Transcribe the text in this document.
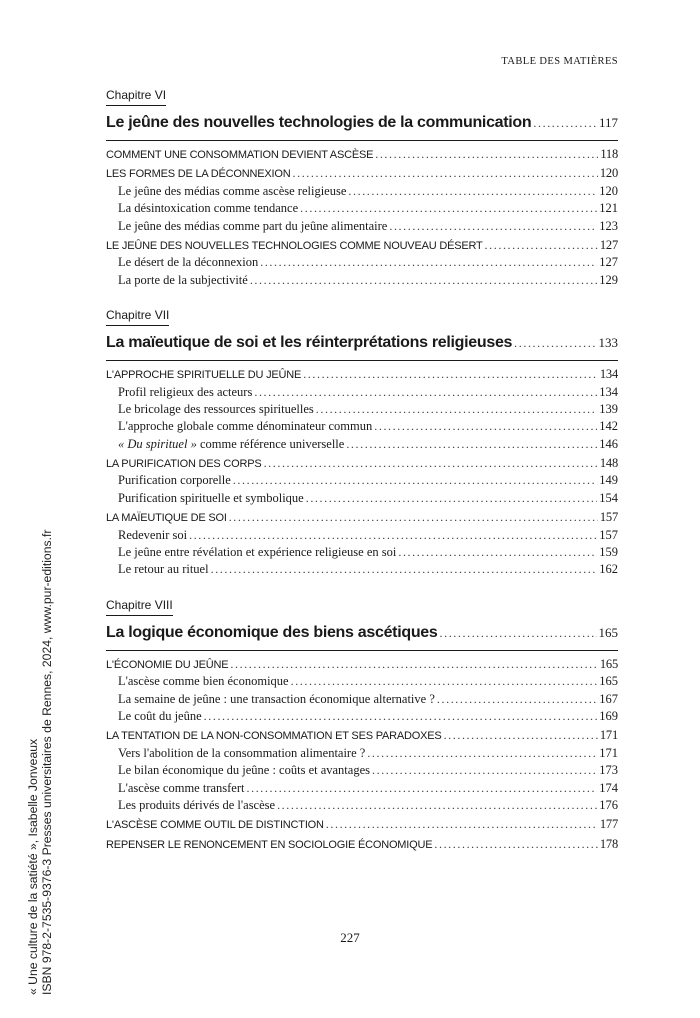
TABLE DES MATIÈRES
Chapitre VI
Le jeûne des nouvelles technologies de la communication .....	117
COMMENT UNE CONSOMMATION DEVIENT ASCÈSE .....	118
LES FORMES DE LA DÉCONNEXION .....	120
Le jeûne des médias comme ascèse religieuse .....	120
La désintoxication comme tendance .....	121
Le jeûne des médias comme part du jeûne alimentaire .....	123
LE JEÛNE DES NOUVELLES TECHNOLOGIES COMME NOUVEAU DÉSERT .....	127
Le désert de la déconnexion .....	127
La porte de la subjectivité .....	129
Chapitre VII
La maïeutique de soi et les réinterprétations religieuses .....	133
L'APPROCHE SPIRITUELLE DU JEÛNE .....	134
Profil religieux des acteurs .....	134
Le bricolage des ressources spirituelles .....	139
L'approche globale comme dénominateur commun .....	142
« Du spirituel » comme référence universelle .....	146
LA PURIFICATION DES CORPS .....	148
Purification corporelle .....	149
Purification spirituelle et symbolique .....	154
LA MAÏEUTIQUE DE SOI .....	157
Redevenir soi .....	157
Le jeûne entre révélation et expérience religieuse en soi .....	159
Le retour au rituel .....	162
Chapitre VIII
La logique économique des biens ascétiques .....	165
L'ÉCONOMIE DU JEÛNE .....	165
L'ascèse comme bien économique .....	165
La semaine de jeûne : une transaction économique alternative ? .....	167
Le coût du jeûne .....	169
LA TENTATION DE LA NON-CONSOMMATION ET SES PARADOXES .....	171
Vers l'abolition de la consommation alimentaire ? .....	171
Le bilan économique du jeûne : coûts et avantages .....	173
L'ascèse comme transfert .....	174
Les produits dérivés de l'ascèse .....	176
L'ASCÈSE COMME OUTIL DE DISTINCTION .....	177
REPENSER LE RENONCEMENT EN SOCIOLOGIE ÉCONOMIQUE .....	178
227
« Une culture de la satiété », Isabelle Jonveaux ISBN 978-2-7535-9376-3 Presses universitaires de Rennes, 2024, www.pur-editions.fr
